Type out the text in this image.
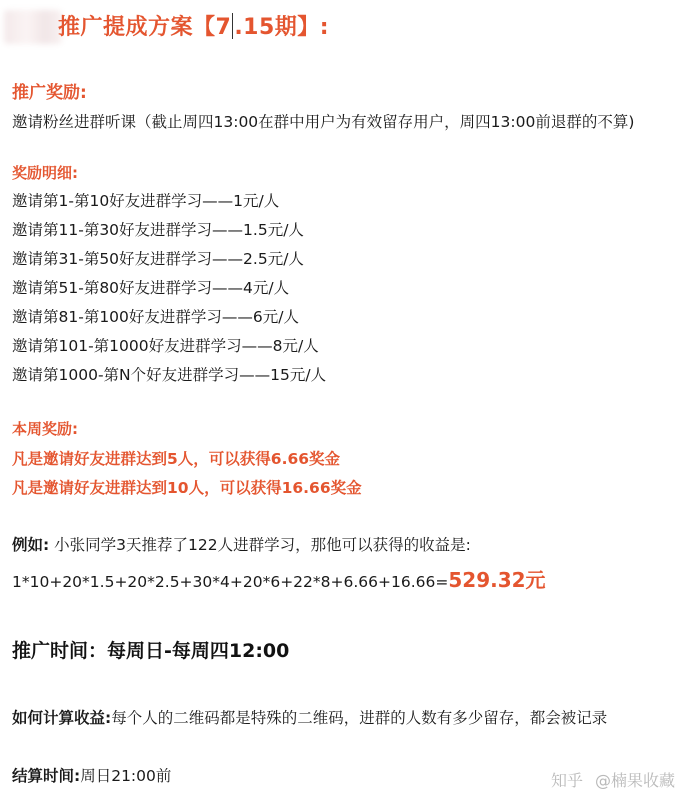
推广提成方案【7 .15期】:
推广奖励:
邀请粉丝进群听课（截止周四13:00在群中用户为有效留存用户，周四13:00前退群的不算)
奖励明细:
邀请第1-第10好友进群学习——1元/人
邀请第11-第30好友进群学习——1.5元/人
邀请第31-第50好友进群学习——2.5元/人
邀请第51-第80好友进群学习——4元/人
邀请第81-第100好友进群学习——6元/人
邀请第101-第1000好友进群学习——8元/人
邀请第1000-第N个好友进群学习——15元/人
本周奖励:
凡是邀请好友进群达到5人，可以获得6.66奖金
凡是邀请好友进群达到10人，可以获得16.66奖金
例如: 小张同学3天推荐了122人进群学习，那他可以获得的收益是:
1*10+20*1.5+20*2.5+30*4+20*6+22*8+6.66+16.66=529.32元
推广时间：每周日-每周四12:00
如何计算收益:每个人的二维码都是特殊的二维码，进群的人数有多少留存，都会被记录
结算时间:周日21:00前	知乎 @楠果收藏
